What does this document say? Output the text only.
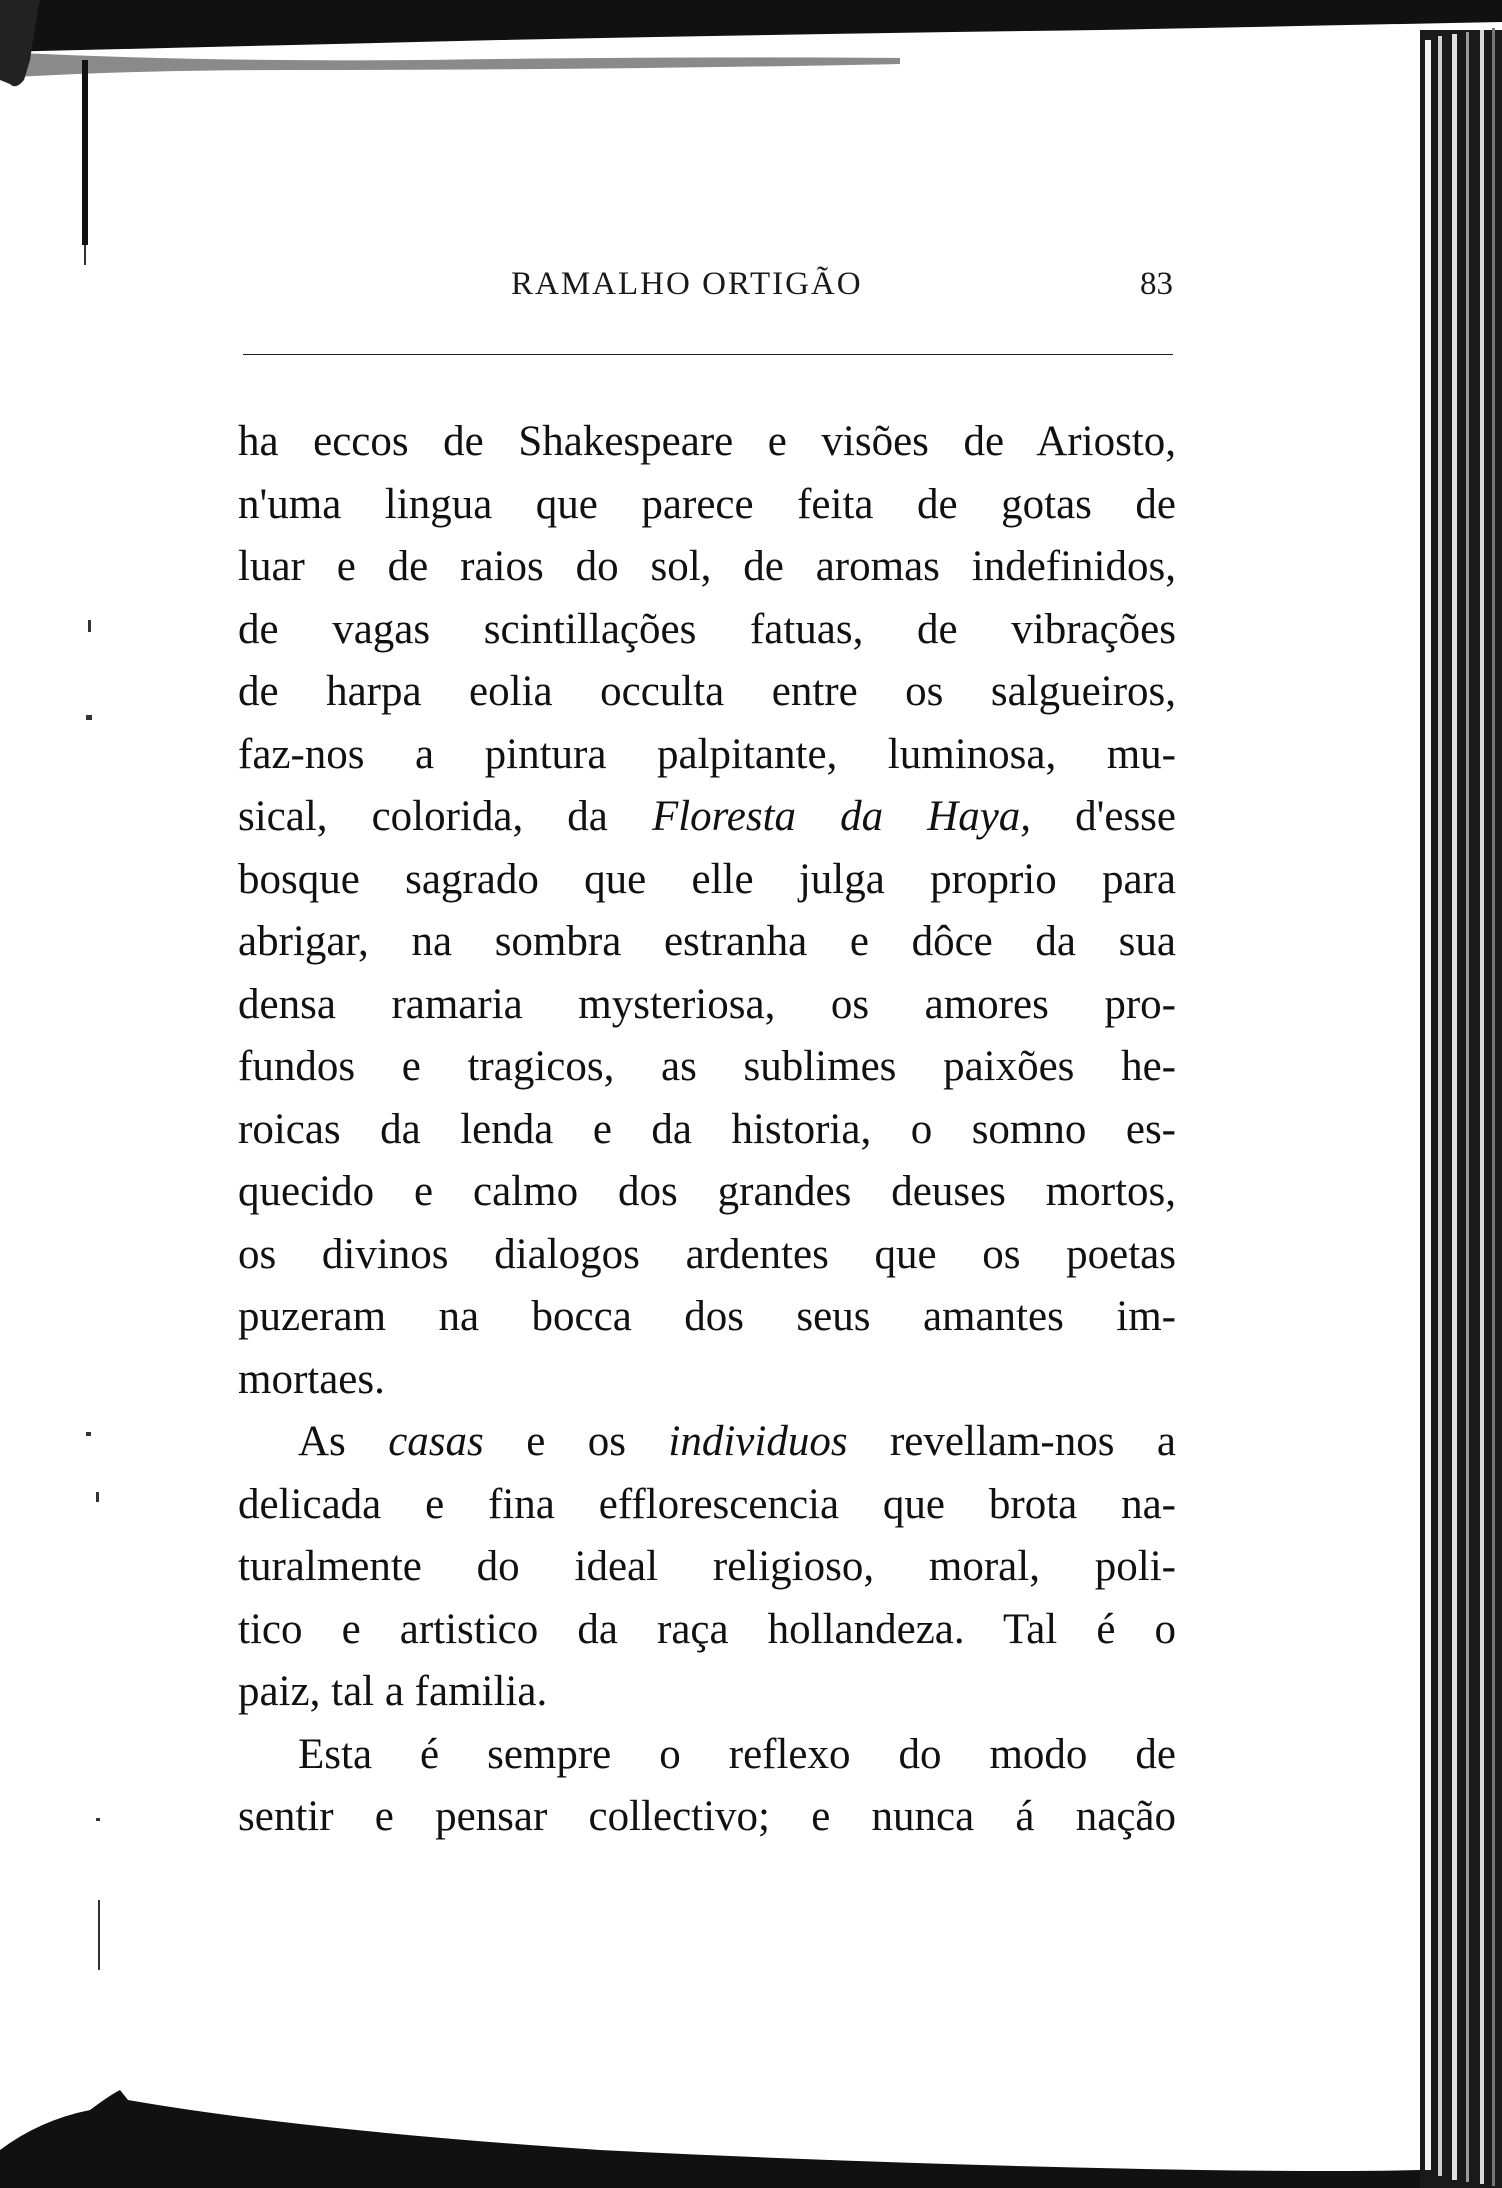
RAMALHO ORTIGÃO	83
ha eccos de Shakespeare e visões de Ariosto,
n'uma lingua que parece feita de gotas de
luar e de raios do sol, de aromas indefinidos,
de vagas scintillações fatuas, de vibrações
de harpa eolia occulta entre os salgueiros,
faz-nos a pintura palpitante, luminosa, mu-
sical, colorida, da Floresta da Haya, d'esse
bosque sagrado que elle julga proprio para
abrigar, na sombra estranha e dôce da sua
densa ramaria mysteriosa, os amores pro-
fundos e tragicos, as sublimes paixões he-
roicas da lenda e da historia, o somno es-
quecido e calmo dos grandes deuses mortos,
os divinos dialogos ardentes que os poetas
puzeram na bocca dos seus amantes im-
mortaes.
As casas e os individuos revellam-nos a
delicada e fina efflorescencia que brota na-
turalmente do ideal religioso, moral, poli-
tico e artistico da raça hollandeza. Tal é o
paiz, tal a familia.
Esta é sempre o reflexo do modo de
sentir e pensar collectivo; e nunca á nação
